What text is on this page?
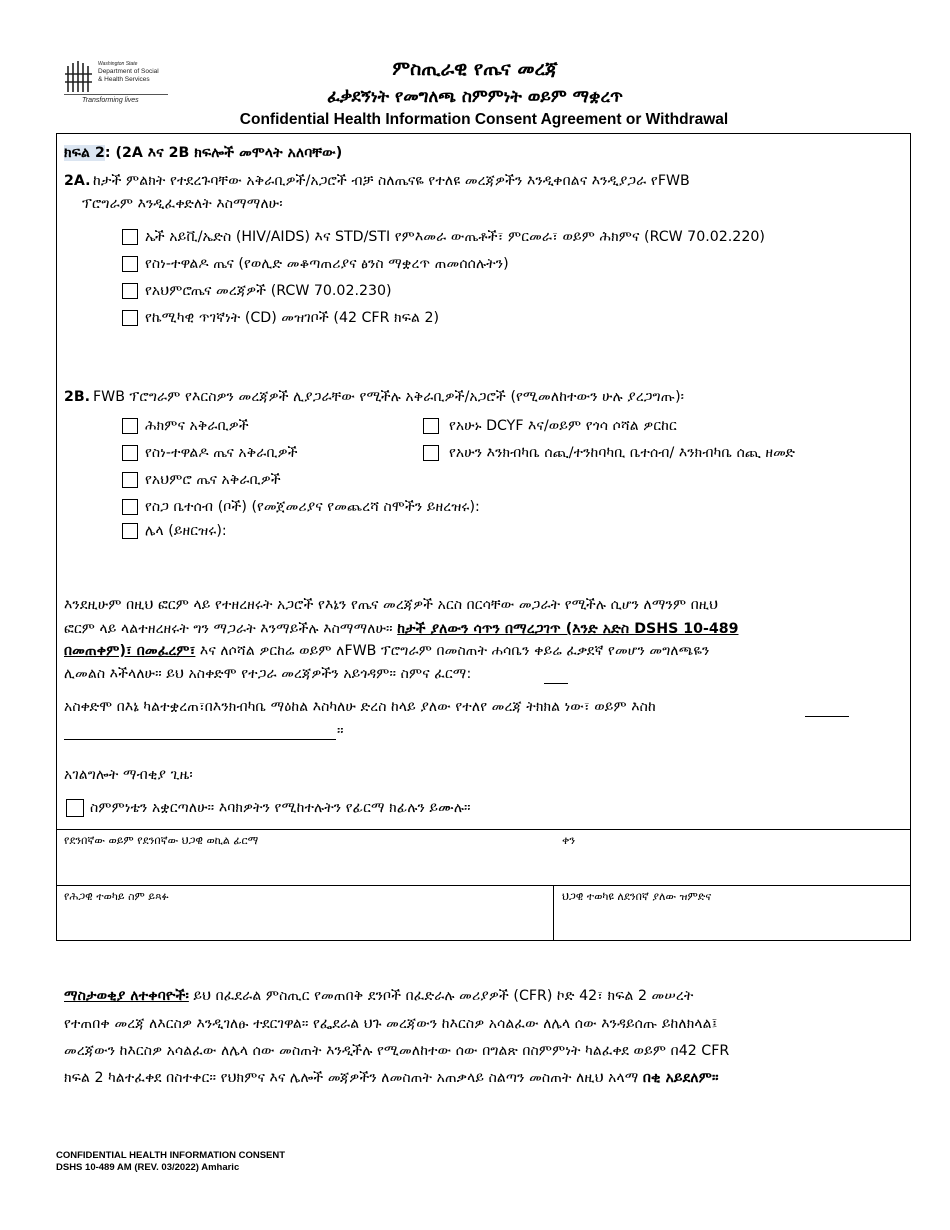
Washington State
Department of Social
& Health Services
Transforming lives
ምስጢራዊ የጤና መረጃ
ፈቃደኝነት የመግለጫ ስምምነት ወይም ማቋረጥ
Confidential Health Information Consent Agreement or Withdrawal
ክፍል 2: (2A እና 2B ክፍሎች መሞላት አለባቸው)
2A. ከታች ምልክት የተደረጉባቸው አቅራቢዎች/አጋሮች ብቻ ስለጤናዬ የተለዩ መረጃዎችን እንዲቀበልና እንዲያጋራ የFWB
ፕሮግራም እንዲፈቀድለት እስማማለሁ፡
ኤች አይቪ/ኤድስ (HIV/AIDS) እና STD/STI የምእመራ ውጤቶች፣ ምርመራ፣ ወይም ሕክምና (RCW 70.02.220)
የስነ-ተዋልዶ ጤና (የወሊድ መቆጣጠሪያና ፅንስ ማቋረጥ ጠመሰሰሉትን)
የአህምሮጤና መረጃዎች (RCW 70.02.230)
የኬሚካዊ ጥገኛነት (CD) መዝገቦች (42 CFR ክፍል 2)
2B. FWB ፕሮግራም የእርስዎን መረጃዎች ሊያጋራቸው የሚችሉ አቅራቢዎች/አጋሮች (የሚመለከተውን ሁሉ ያረጋግጡ)፡
ሕክምና አቅራቢዎች	የአሁኑ DCYF እና/ወይም የጎሳ ሶሻል ዎርከር
የስነ-ተዋልዶ ጤና አቅራቢዎች	የአሁን እንክብካቤ ሰጪ/ተንከባካቢ ቤተሰብ/ እንክብካቤ ሰጪ ዘመድ
የአህምሮ ጤና አቅራቢዎች
የስጋ ቤተሰብ (ቦች) (የመጀመሪያና የመጨረሻ ስሞችን ይዘረዝሩ):
ሌላ (ይዘርዝሩ):
እንደዚሁም በዚህ ፎርም ላይ የተዘረዘሩት አጋሮች የእኔን የጤና መረጃዎች አርስ በርሳቸው መጋራት የሚችሉ ሲሆን ለማንም በዚህ
ፎርም ላይ ላልተዘረዘሩት ግን ማጋራት እንማይችሉ እስማማለሁ። ከታች ያለውን ሳጥን በማረጋገጥ (እንድ አድስ DSHS 10-489
በመጠቀም)፣ በመፈረም፣ እና ለሶሻል ዎርከሬ ወይም ለFWB ፕሮግራም በመስጠት ሐሳቤን ቀይሬ ፈቃደኛ የመሆን መግለጫዬን
ሊመልስ እችላለሁ። ይህ አስቀድሞ የተጋራ መረጃዎችን አይጎዳም። ስምና ፈርማ:
አስቀድሞ በእኔ ካልተቋረጠ፣በእንክብካቤ ማዕከል እስካለሁ ድረስ ከላይ ያለው የተለየ መረጃ ትክክል ነው፣ ወይም እስከ
።
አገልግሎት ማብቂያ ጊዜ፡
ስምምነቴን አቋርጣለሁ። እባክዎትን የሚከተሉትን የፊርማ ክፊሉን ይሙሉ።
የደንበኛው ወይም የደንበኛው ህጋዊ ወኪል ፊርማ	ቀን
የሕጋዊ ተወካይ ስም ይጻፉ	ህጋዊ ተወካዩ ለደንበኛ ያለው ዝምድና
ማስታወቂያ ለተቀባዮች፡ ይህ በፈደራል ምስጢር የመጠበቅ ደንቦች በፈድራሉ መሪያዎች (CFR) ኮድ 42፣ ክፍል 2 መሠረት
የተጠበቀ መረጃ ለእርስዎ እንዲገለፁ ተደርገዋል። የፌደራል ህጉ መረጃውን ከእርስዎ አሳልፈው ለሌላ ሰው እንዳይሰጡ ይከለክላል፤
መረጃውን ከእርስዎ አሳልፈው ለሌላ ሰው መስጠት እንዲችሉ የሚመለከተው ሰው በግልጽ በስምምነት ካልፈቀደ ወይም በ42 CFR
ክፍል 2 ካልተፈቀደ በስተቀር። የህክምና እና ሌሎች መጃዎችን ለመስጠት አጠቃላይ ስልጣን መስጠት ለዚህ አላማ በቂ አይደለም።
CONFIDENTIAL HEALTH INFORMATION CONSENT
DSHS 10-489 AM (REV. 03/2022) Amharic
